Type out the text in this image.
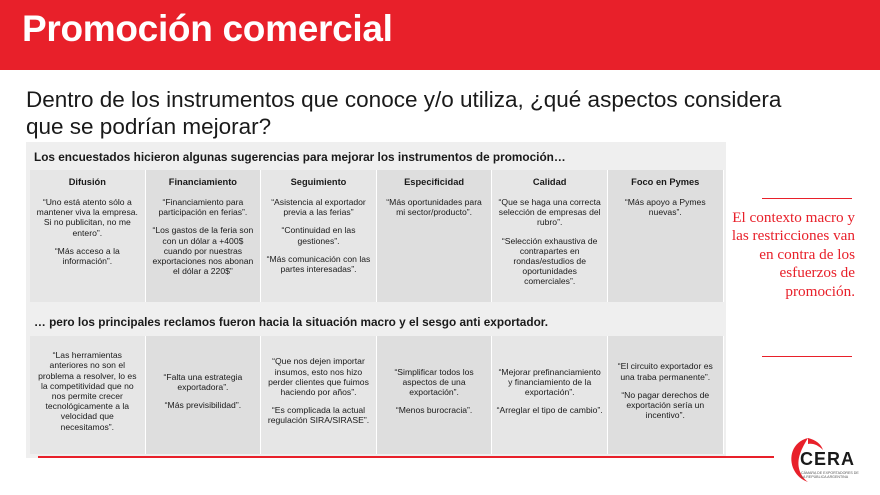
Promoción comercial
Dentro de los instrumentos que conoce y/o utiliza, ¿qué aspectos considera que se podrían mejorar?
Los encuestados hicieron algunas sugerencias para mejorar los instrumentos de promoción…
Difusión
“Uno está atento sólo a mantener viva la empresa. Si no publicitan, no me entero”.
“Más acceso a la información”.
Financiamiento
“Financiamiento para participación en ferias”.
“Los gastos de la feria son con un dólar a +400$ cuando por nuestras exportaciones nos abonan el dólar a 220$”
Seguimiento
“Asistencia al exportador previa a las ferias”
“Continuidad en las gestiones”.
“Más comunicación con las partes interesadas”.
Especificidad
“Más oportunidades para mi sector/producto”.
Calidad
“Que se haga una correcta selección de empresas del rubro”.
“Selección exhaustiva de contrapartes en rondas/estudios de oportunidades comerciales”.
Foco en Pymes
“Más apoyo a Pymes nuevas”.
… pero los principales reclamos fueron hacia la situación macro y el sesgo anti exportador.
“Las herramientas anteriores no son el problema a resolver, lo es la competitividad que no nos permite crecer tecnológicamente a la velocidad que necesitamos”.
“Falta una estrategia exportadora”.
“Más previsibilidad”.
“Que nos dejen importar insumos, esto nos hizo perder clientes que fuimos haciendo por años”.
“Es complicada la actual regulación SIRA/SIRASE”.
“Simplificar todos los aspectos de una exportación”.
“Menos burocracia”.
“Mejorar prefinanciamiento y financiamiento de la exportación”.
“Arreglar el tipo de cambio”.
“El circuito exportador es una traba permanente”.
“No pagar derechos de exportación sería un incentivo”.
El contexto macro y las restricciones van en contra de los esfuerzos de promoción.
CERA
CÁMARA DE EXPORTADORES DE LA REPÚBLICA ARGENTINA
